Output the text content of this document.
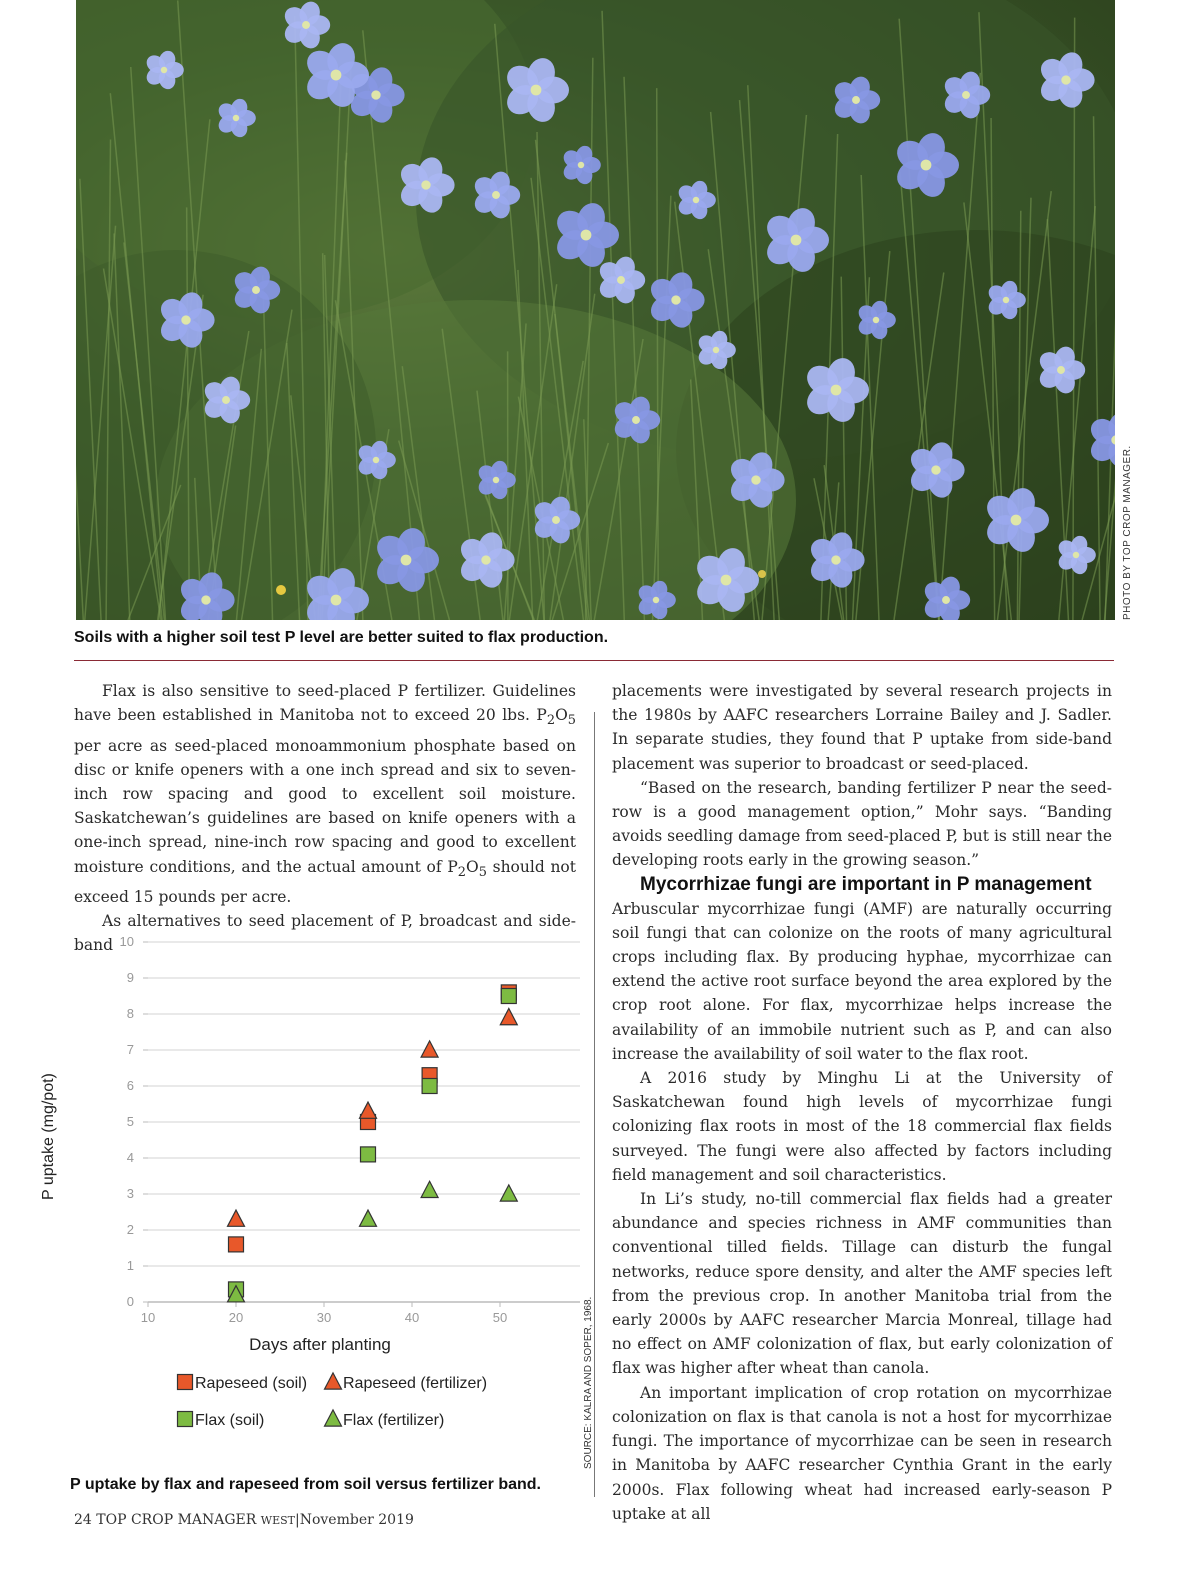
PHOTO BY TOP CROP MANAGER.
Soils with a higher soil test P level are better suited to flax production.

Flax is also sensitive to seed-placed P fertilizer. Guidelines have been established in Manitoba not to exceed 20 lbs. $P_2O_5$ per acre as seed-placed monoammonium phosphate based on disc or knife openers with a one inch spread and six to seven-inch row spacing and good to excellent soil moisture. Saskatchewan’s guidelines are based on knife openers with a one-inch spread, nine-inch row spacing and good to excellent moisture conditions, and the actual amount of $P_2O_5$ should not exceed 15 pounds per acre.

As alternatives to seed placement of P, broadcast and side-band

placements were investigated by several research projects in the 1980s by AAFC researchers Lorraine Bailey and J. Sadler. In separate studies, they found that P uptake from side-band placement was superior to broadcast or seed-placed.

“Based on the research, banding fertilizer P near the seed-row is a good management option,” Mohr says. “Banding avoids seedling damage from seed-placed P, but is still near the developing roots early in the growing season.”

Mycorrhizae fungi are important in P management

Arbuscular mycorrhizae fungi (AMF) are naturally occurring soil fungi that can colonize on the roots of many agricultural crops including flax. By producing hyphae, mycorrhizae can extend the active root surface beyond the area explored by the crop root alone. For flax, mycorrhizae helps increase the availability of an immobile nutrient such as P, and can also increase the availability of soil water to the flax root.

A 2016 study by Minghu Li at the University of Saskatchewan found high levels of mycorrhizae fungi colonizing flax roots in most of the 18 commercial flax fields surveyed. The fungi were also affected by factors including field management and soil characteristics.

In Li’s study, no-till commercial flax fields had a greater abundance and species richness in AMF communities than conventional tilled fields. Tillage can disturb the fungal networks, reduce spore density, and alter the AMF species left from the previous crop. In another Manitoba trial from the early 2000s by AAFC researcher Marcia Monreal, tillage had no effect on AMF colonization of flax, but early colonization of flax was higher after wheat than canola.

An important implication of crop rotation on mycorrhizae colonization on flax is that canola is not a host for mycorrhizae fungi. The importance of mycorrhizae can be seen in research in Manitoba by AAFC researcher Cynthia Grant in the early 2000s. Flax following wheat had increased early-season P uptake at all

0
1
2
3
4
5
6
7
8
9
10
10	20	30	40	50
Days after planting
Rapeseed (soil) Rapeseed (fertilizer)
Flax (soil)	Flax (fertilizer)
P uptake (mg/pot)
SOURCE: KALRA AND SOPER, 1968.
P uptake by flax and rapeseed from soil versus fertilizer band.
24 TOP CROP MANAGER WEST|November 2019
